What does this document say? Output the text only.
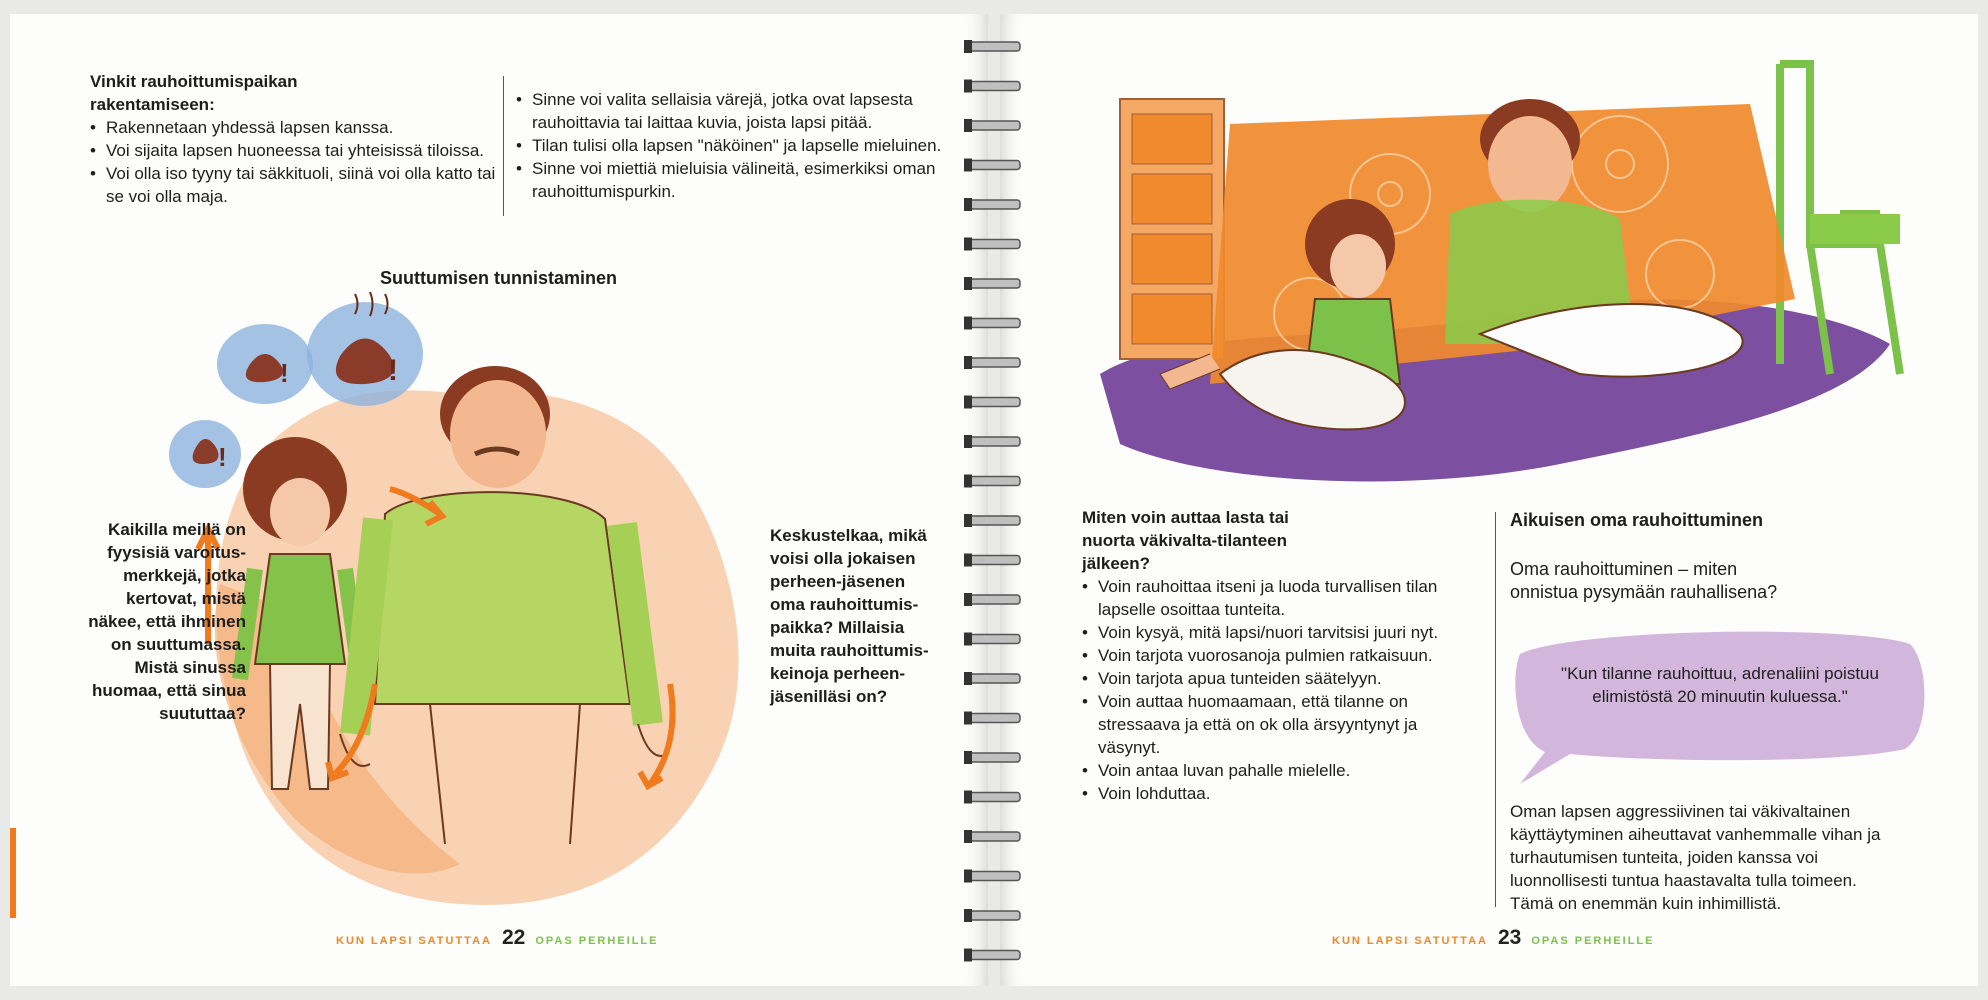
Vinkit rauhoittumispaikan rakentamiseen:
• Rakennetaan yhdessä lapsen kanssa.
• Voi sijaita lapsen huoneessa tai yhteisissä tiloissa.
• Voi olla iso tyyny tai säkkituoli, siinä voi olla katto tai se voi olla maja.
• Sinne voi valita sellaisia värejä, jotka ovat lapsesta rauhoittavia tai laittaa kuvia, joista lapsi pitää.
• Tilan tulisi olla lapsen "näköinen" ja lapselle mieluinen.
• Sinne voi miettiä mieluisia välineitä, esimerkiksi oman rauhoittumispurkin.
Suuttumisen tunnistaminen
!	!
!
Kaikilla meillä on fyysisiä varoitus-merkkejä, jotka kertovat, mistä näkee, että ihminen on suuttumassa. Mistä sinussa huomaa, että sinua suututtaa?
Keskustelkaa, mikä voisi olla jokaisen perheen-jäsenen oma rauhoittumis-paikka? Millaisia muita rauhoittumis-keinoja perheen-jäsenilläsi on?
KUN LAPSI SATUTTAA 22 OPAS PERHEILLE
Miten voin auttaa lasta tai nuorta väkivalta-tilanteen jälkeen?
• Voin rauhoittaa itseni ja luoda turvallisen tilan lapselle osoittaa tunteita.
• Voin kysyä, mitä lapsi/nuori tarvitsisi juuri nyt.
• Voin tarjota vuorosanoja pulmien ratkaisuun.
• Voin tarjota apua tunteiden säätelyyn.
• Voin auttaa huomaamaan, että tilanne on stressaava ja että on ok olla ärsyyntynyt ja väsynyt.
• Voin antaa luvan pahalle mielelle.
• Voin lohduttaa.
Aikuisen oma rauhoittuminen
Oma rauhoittuminen – miten onnistua pysymään rauhallisena?
"Kun tilanne rauhoittuu, adrenaliini poistuu elimistöstä 20 minuutin kuluessa."
Oman lapsen aggressiivinen tai väkivaltainen käyttäytyminen aiheuttavat vanhemmalle vihan ja turhautumisen tunteita, joiden kanssa voi luonnollisesti tuntua haastavalta tulla toimeen. Tämä on enemmän kuin inhimillistä.
KUN LAPSI SATUTTAA 23 OPAS PERHEILLE
